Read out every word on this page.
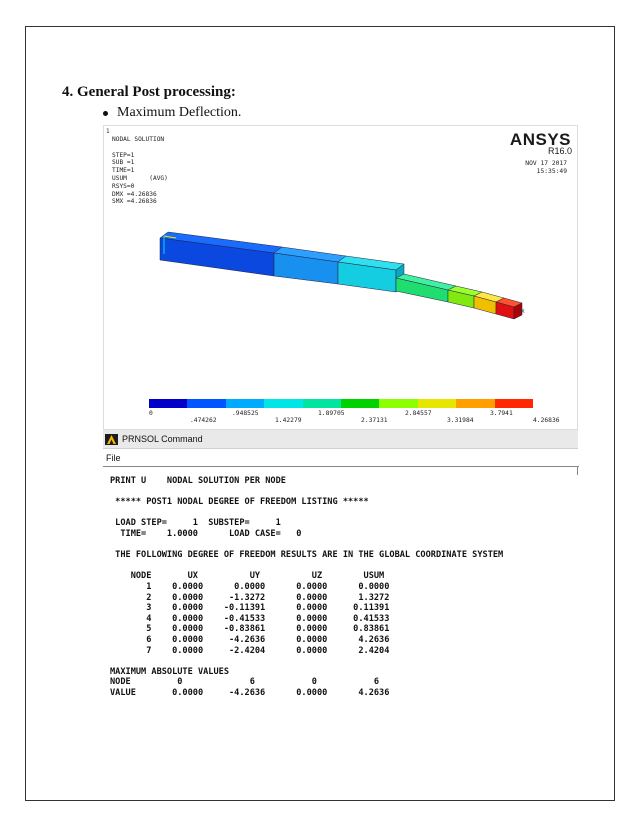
4. General Post processing:
Maximum Deflection.
1
NODAL SOLUTION

STEP=1
SUB =1
TIME=1
USUM      (AVG)
RSYS=0
DMX =4.26836
SMX =4.26836
ANSYS
R16.0
NOV 17 2017
15:35:49
MX
0	.948525	1.89705	2.84557	3.7941
.474262	1.42279	2.37131	3.31984	4.26836
PRNSOL Command
File
PRINT U    NODAL SOLUTION PER NODE

***** POST1 NODAL DEGREE OF FREEDOM LISTING *****

LOAD STEP=     1  SUBSTEP=     1
TIME=    1.0000      LOAD CASE=   0

THE FOLLOWING DEGREE OF FREEDOM RESULTS ARE IN THE GLOBAL COORDINATE SYSTEM

NODE       UX          UY          UZ        USUM
1    0.0000      0.0000      0.0000      0.0000
2    0.0000     -1.3272      0.0000      1.3272
3    0.0000    -0.11391      0.0000     0.11391
4    0.0000    -0.41533      0.0000     0.41533
5    0.0000    -0.83861      0.0000     0.83861
6    0.0000     -4.2636      0.0000      4.2636
7    0.0000     -2.4204      0.0000      2.4204

MAXIMUM ABSOLUTE VALUES
NODE         0             6           0           6
VALUE       0.0000     -4.2636      0.0000      4.2636
